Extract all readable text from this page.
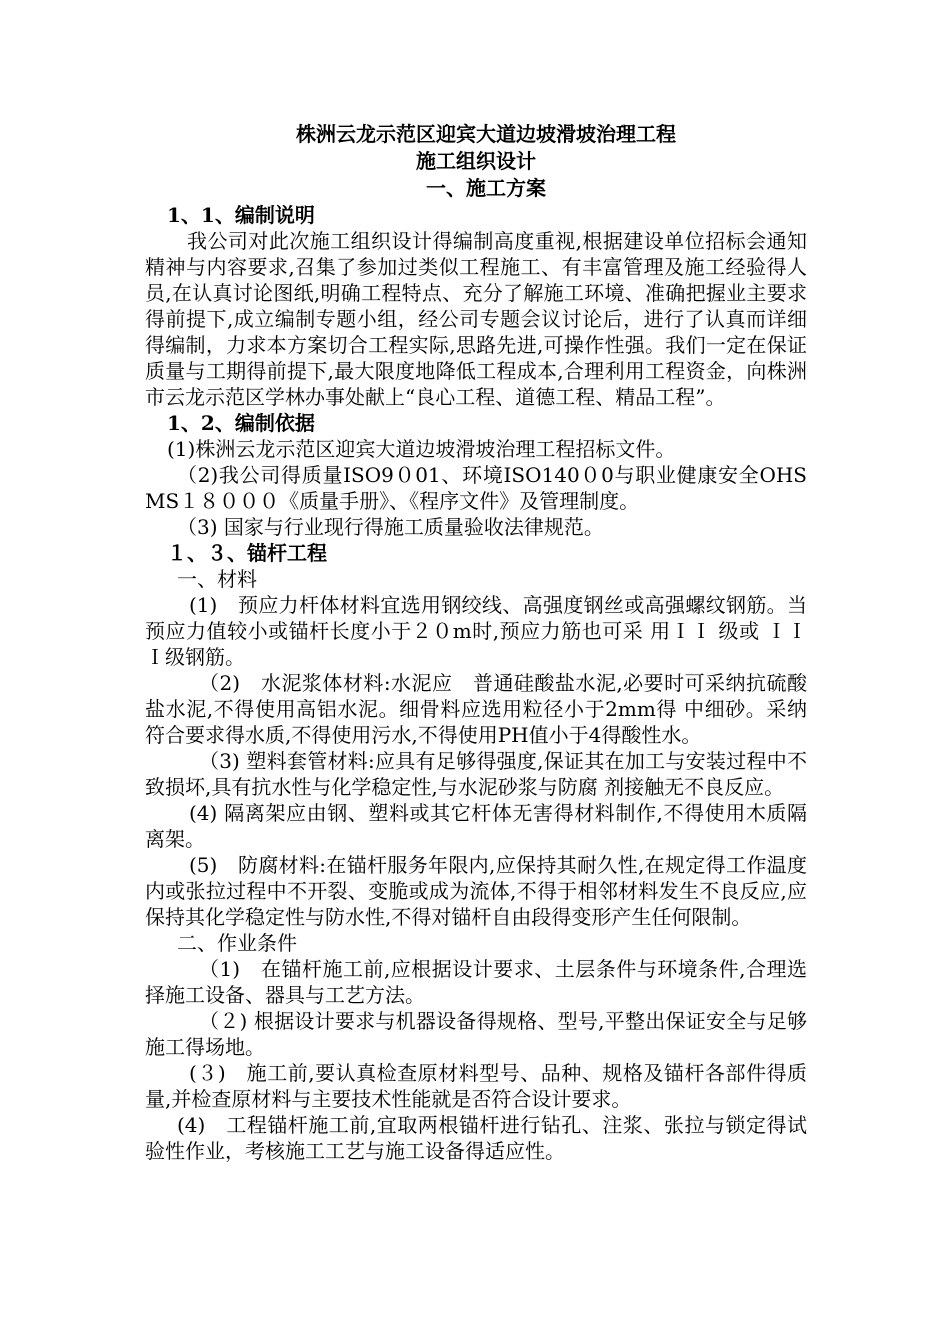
株洲云龙示范区迎宾大道边坡滑坡治理工程

施工组织设计

一、施工方案

1、1、编制说明

我公司对此次施工组织设计得编制高度重视,根据建设单位招标会通知精神与内容要求,召集了参加过类似工程施工、有丰富管理及施工经验得人员,在认真讨论图纸,明确工程特点、充分了解施工环境、准确把握业主要求得前提下,成立编制专题小组，经公司专题会议讨论后，进行了认真而详细得编制，力求本方案切合工程实际,思路先进,可操作性强。我们一定在保证质量与工期得前提下,最大限度地降低工程成本,合理利用工程资金，向株洲市云龙示范区学林办事处献上“良心工程、道德工程、精品工程”。

1、2、编制依据

(1)株洲云龙示范区迎宾大道边坡滑坡治理工程招标文件。

（2)我公司得质量ISO9０01、环境ISO140０0与职业健康安全OHSMS１８０００《质量手册》、《程序文件》及管理制度。

（3) 国家与行业现行得施工质量验收法律规范。

１、３、锚杆工程

一、材料

(1)　预应力杆体材料宜选用钢绞线、高强度钢丝或高强螺纹钢筋。当预应力值较小或锚杆长度小于２０m时,预应力筋也可采 用ＩＩ 级或 ＩＩＩ级钢筋。

（2)　水泥浆体材料:水泥应　普通硅酸盐水泥,必要时可采纳抗硫酸盐水泥,不得使用高铝水泥。细骨料应选用粒径小于2mm得 中细砂。采纳符合要求得水质,不得使用污水,不得使用PH值小于4得酸性水。

（3) 塑料套管材料:应具有足够得强度,保证其在加工与安装过程中不致损坏,具有抗水性与化学稳定性,与水泥砂浆与防腐 剂接触无不良反应。

(4) 隔离架应由钢、塑料或其它杆体无害得材料制作,不得使用木质隔离架。

(5)　防腐材料:在锚杆服务年限内,应保持其耐久性,在规定得工作温度内或张拉过程中不开裂、变脆或成为流体,不得于相邻材料发生不良反应,应保持其化学稳定性与防水性,不得对锚杆自由段得变形产生任何限制。

二、作业条件

（1)　在锚杆施工前,应根据设计要求、土层条件与环境条件,合理选择施工设备、器具与工艺方法。

（２) 根据设计要求与机器设备得规格、型号,平整出保证安全与足够施工得场地。

(３)　施工前,要认真检查原材料型号、品种、规格及锚杆各部件得质量,并检查原材料与主要技术性能就是否符合设计要求。

(4)　工程锚杆施工前,宜取两根锚杆进行钻孔、注浆、张拉与锁定得试验性作业，考核施工工艺与施工设备得适应性。
